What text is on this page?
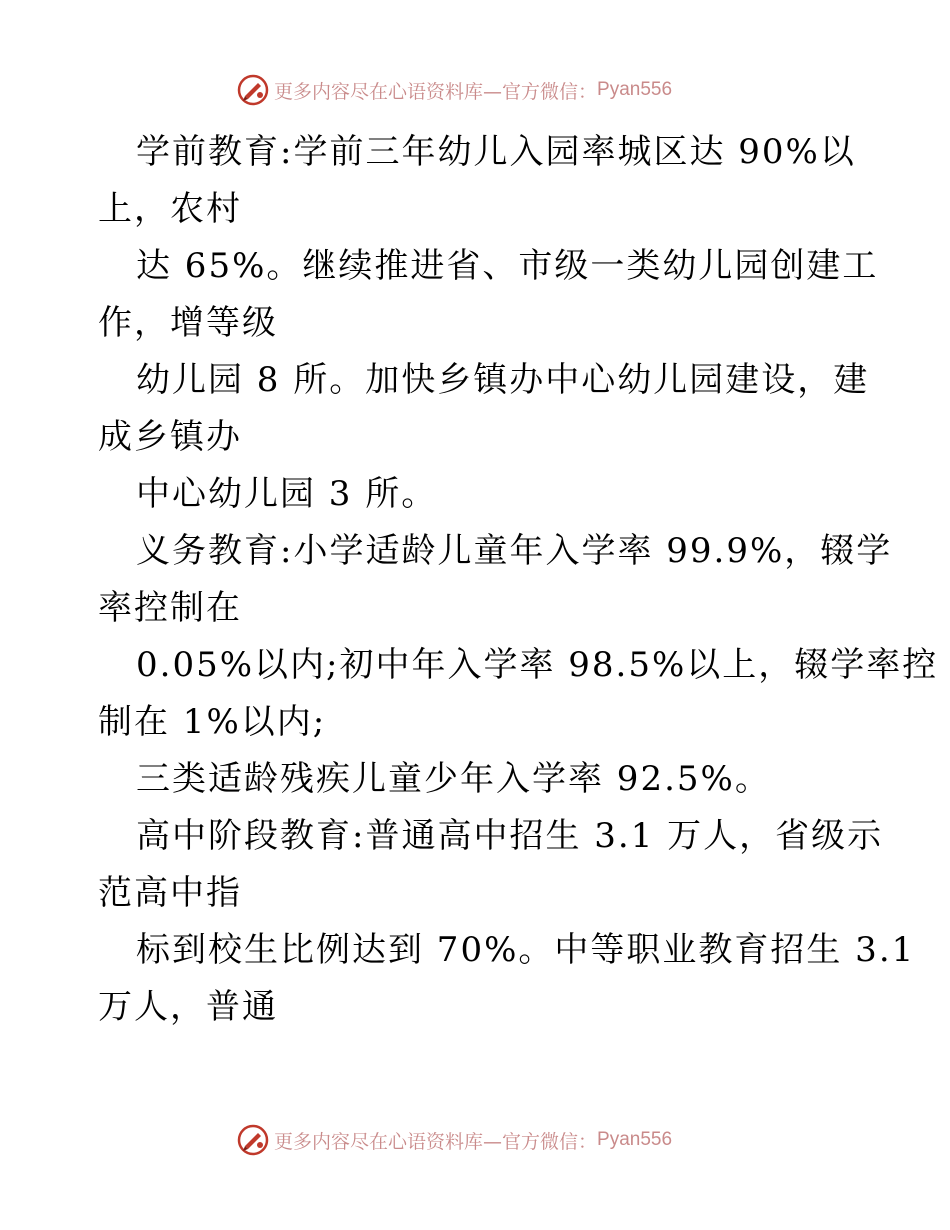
更多内容尽在心语资料库—官方微信： Pyan556
学前教育:学前三年幼儿入园率城区达 90%以
上，农村
达 65%。继续推进省、市级一类幼儿园创建工
作，增等级
幼儿园 8 所。加快乡镇办中心幼儿园建设，建
成乡镇办
中心幼儿园 3 所。
义务教育:小学适龄儿童年入学率 99.9%，辍学
率控制在
0.05%以内;初中年入学率 98.5%以上，辍学率控
制在 1%以内;
三类适龄残疾儿童少年入学率 92.5%。
高中阶段教育:普通高中招生 3.1 万人，省级示
范高中指
标到校生比例达到 70%。中等职业教育招生 3.1
万人，普通
更多内容尽在心语资料库—官方微信： Pyan556
